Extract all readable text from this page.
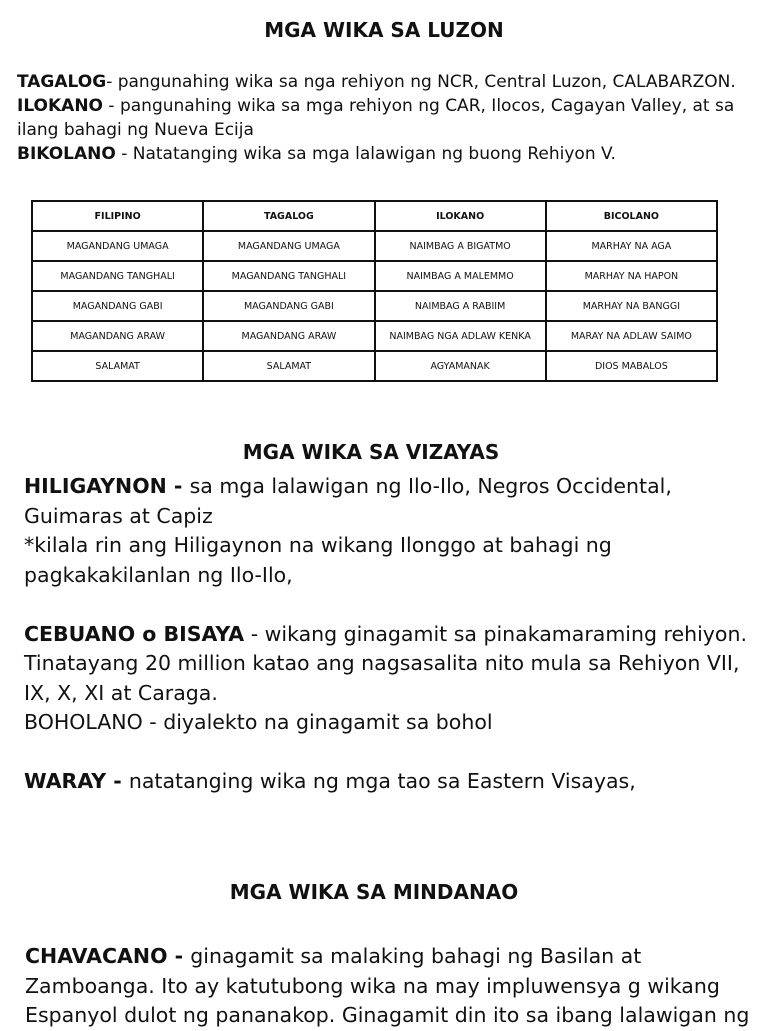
MGA WIKA SA LUZON

TAGALOG- pangunahing wika sa nga rehiyon ng NCR, Central Luzon, CALABARZON.

ILOKANO - pangunahing wika sa mga rehiyon ng CAR, Ilocos, Cagayan Valley, at sa ilang bahagi ng Nueva Ecija

BIKOLANO - Natatanging wika sa mga lalawigan ng buong Rehiyon V.

FILIPINO	TAGALOG	ILOKANO	BICOLANO
MAGANDANG UMAGA	MAGANDANG UMAGA	NAIMBAG A BIGATMO	MARHAY NA AGA
MAGANDANG TANGHALI	MAGANDANG TANGHALI	NAIMBAG A MALEMMO	MARHAY NA HAPON
MAGANDANG GABI	MAGANDANG GABI	NAIMBAG A RABIIM	MARHAY NA BANGGI
MAGANDANG ARAW	MAGANDANG ARAW	NAIMBAG NGA ADLAW KENKA	MARAY NA ADLAW SAIMO
SALAMAT	SALAMAT	AGYAMANAK	DIOS MABALOS
MGA WIKA SA VIZAYAS

HILIGAYNON - sa mga lalawigan ng Ilo-Ilo, Negros Occidental, Guimaras at Capiz

*kilala rin ang Hiligaynon na wikang Ilonggo at bahagi ng pagkakakilanlan ng Ilo-Ilo,

CEBUANO o BISAYA - wikang ginagamit sa pinakamaraming rehiyon. Tinatayang 20 million katao ang nagsasalita nito mula sa Rehiyon VII, IX, X, XI at Caraga.

BOHOLANO - diyalekto na ginagamit sa bohol

WARAY - natatanging wika ng mga tao sa Eastern Visayas,

MGA WIKA SA MINDANAO

CHAVACANO - ginagamit sa malaking bahagi ng Basilan at Zamboanga. Ito ay katutubong wika na may impluwensya g wikang Espanyol dulot ng pananakop. Ginagamit din ito sa ibang lalawigan ng
